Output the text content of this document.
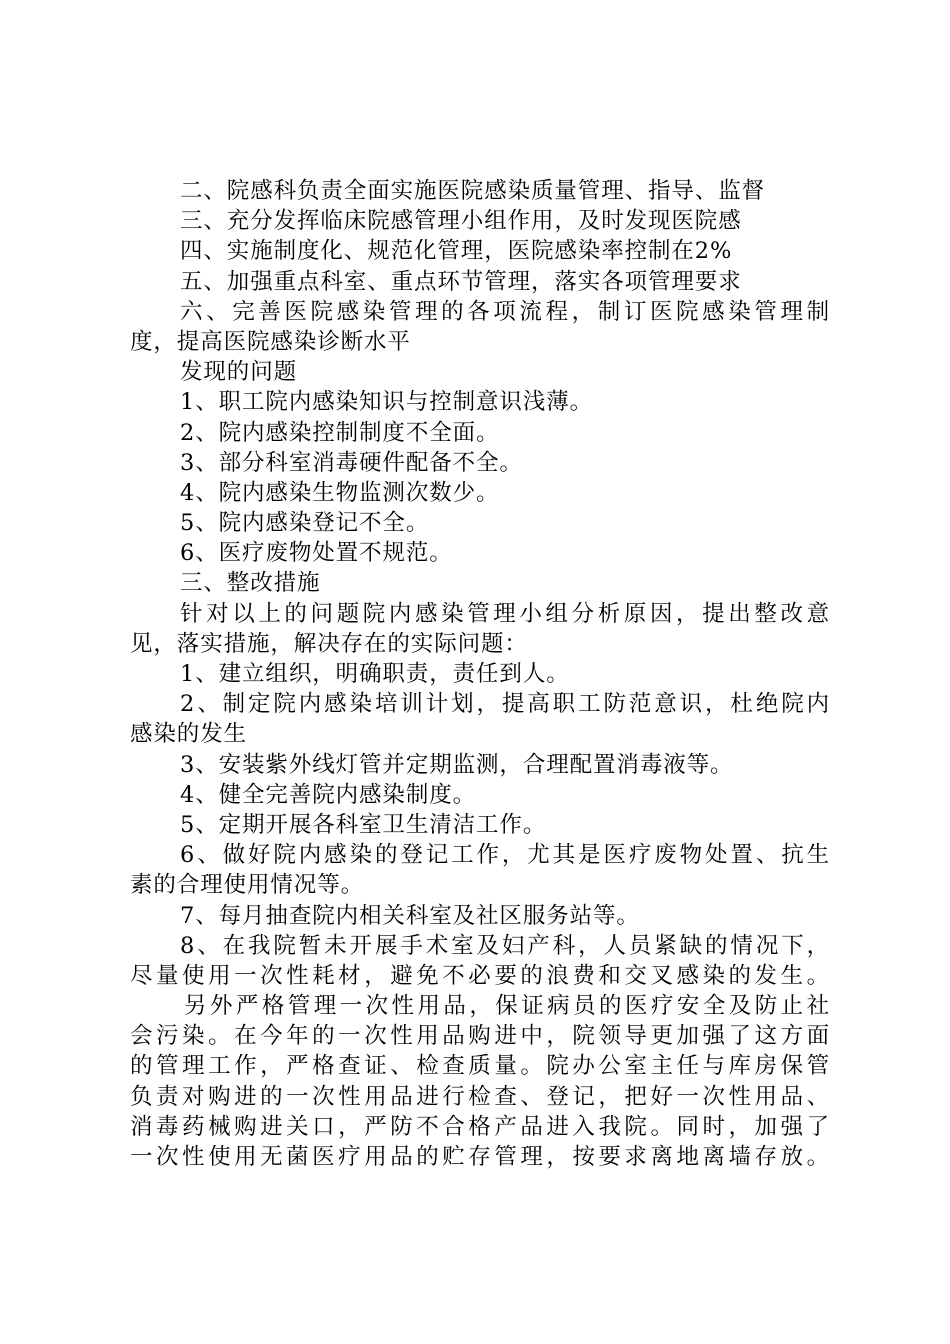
二、院感科负责全面实施医院感染质量管理、指导、监督
三、充分发挥临床院感管理小组作用，及时发现医院感
四、实施制度化、规范化管理，医院感染率控制在2%
五、加强重点科室、重点环节管理，落实各项管理要求
六、完善医院感染管理的各项流程，制订医院感染管理制
度，提高医院感染诊断水平
发现的问题
1、职工院内感染知识与控制意识浅薄。
2、院内感染控制制度不全面。
3、部分科室消毒硬件配备不全。
4、院内感染生物监测次数少。
5、院内感染登记不全。
6、医疗废物处置不规范。
三、整改措施
针对以上的问题院内感染管理小组分析原因，提出整改意
见，落实措施，解决存在的实际问题：
1、建立组织，明确职责，责任到人。
2、制定院内感染培训计划，提高职工防范意识，杜绝院内
感染的发生
3、安装紫外线灯管并定期监测，合理配置消毒液等。
4、健全完善院内感染制度。
5、定期开展各科室卫生清洁工作。
6、做好院内感染的登记工作，尤其是医疗废物处置、抗生
素的合理使用情况等。
7、每月抽查院内相关科室及社区服务站等。
8、在我院暂未开展手术室及妇产科，人员紧缺的情况下，
尽量使用一次性耗材，避免不必要的浪费和交叉感染的发生。
另外严格管理一次性用品，保证病员的医疗安全及防止社
会污染。在今年的一次性用品购进中，院领导更加强了这方面
的管理工作，严格查证、检查质量。院办公室主任与库房保管
负责对购进的一次性用品进行检查、登记，把好一次性用品、
消毒药械购进关口，严防不合格产品进入我院。同时，加强了
一次性使用无菌医疗用品的贮存管理，按要求离地离墙存放。
